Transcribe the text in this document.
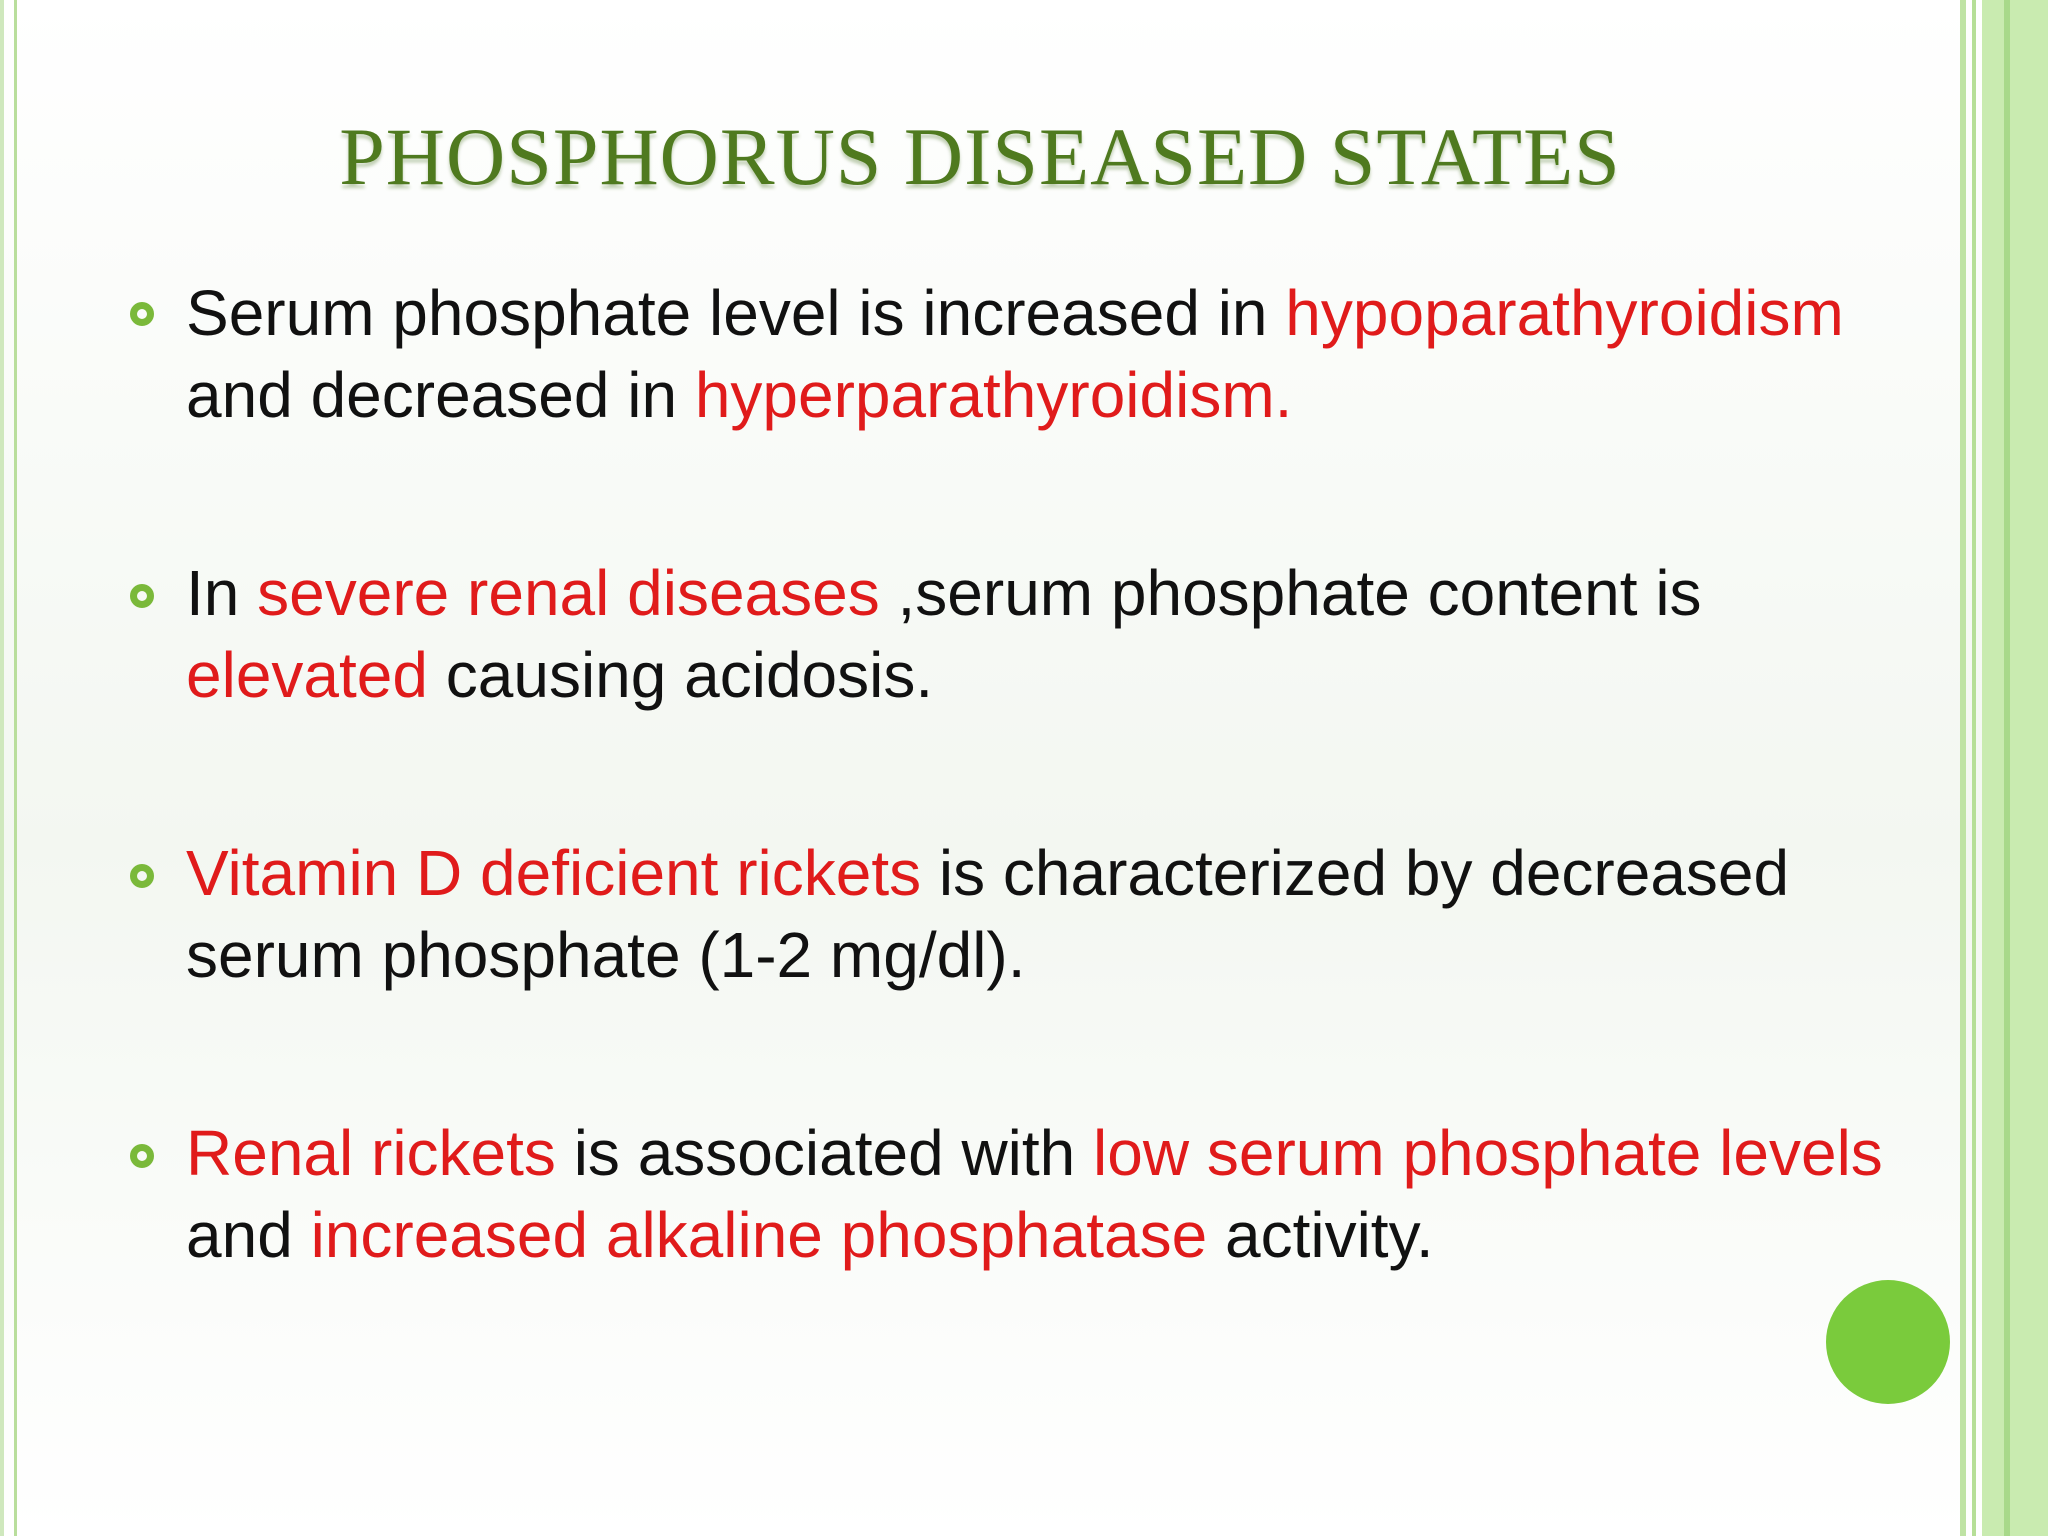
PHOSPHORUS DISEASED STATES
Serum phosphate level is increased in hypoparathyroidism and decreased in hyperparathyroidism.
In severe renal diseases ,serum phosphate content is elevated causing acidosis.
Vitamin D deficient rickets is characterized by decreased serum phosphate (1-2 mg/dl).
Renal rickets is associated with low serum phosphate levels and increased alkaline phosphatase activity.
